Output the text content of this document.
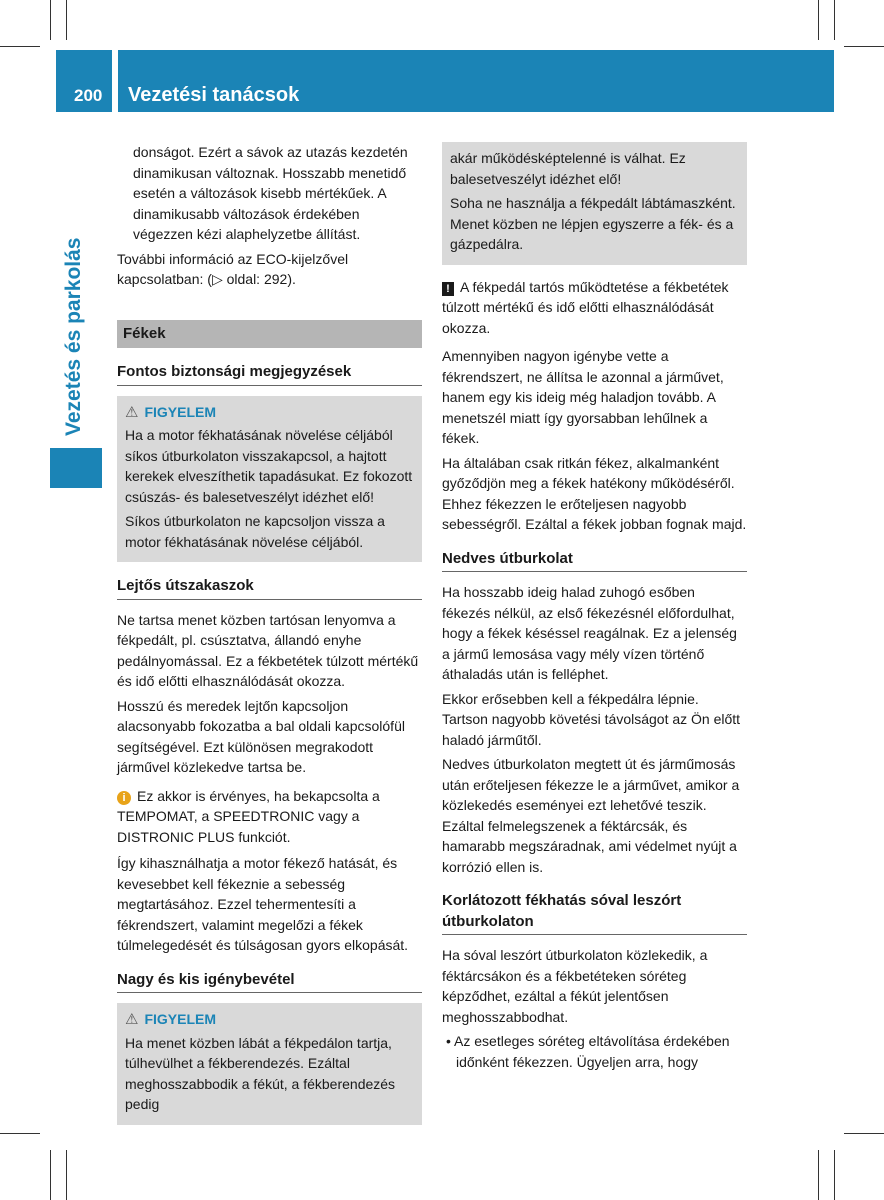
200 Vezetési tanácsok
Vezetés és parkolás

donságot. Ezért a sávok az utazás kezdetén dinamikusan változnak. Hosszabb menetidő esetén a változások kisebb mértékűek. A dinamikusabb változások érdekében végezzen kézi alaphelyzetbe állítást.

További információ az ECO-kijelzővel kapcsolatban: (▷ oldal: 292).

Fékek
Fontos biztonsági megjegyzések
⚠ FIGYELEM

Ha a motor fékhatásának növelése céljából síkos útburkolaton visszakapcsol, a hajtott kerekek elveszíthetik tapadásukat. Ez fokozott csúszás- és balesetveszélyt idézhet elő!

Síkos útburkolaton ne kapcsoljon vissza a motor fékhatásának növelése céljából.

Lejtős útszakaszok

Ne tartsa menet közben tartósan lenyomva a fékpedált, pl. csúsztatva, állandó enyhe pedálnyomással. Ez a fékbetétek túlzott mértékű és idő előtti elhasználódását okozza.

Hosszú és meredek lejtőn kapcsoljon alacsonyabb fokozatba a bal oldali kapcsolófül segítségével. Ezt különösen megrakodott járművel közlekedve tartsa be.

i Ez akkor is érvényes, ha bekapcsolta a TEMPOMAT, a SPEEDTRONIC vagy a DISTRONIC PLUS funkciót.

Így kihasználhatja a motor fékező hatását, és kevesebbet kell fékeznie a sebesség megtartásához. Ezzel tehermentesíti a fékrendszert, valamint megelőzi a fékek túlmelegedését és túlságosan gyors elkopását.

Nagy és kis igénybevétel
⚠ FIGYELEM

Ha menet közben lábát a fékpedálon tartja, túlhevülhet a fékberendezés. Ezáltal meghosszabbodik a fékút, a fékberendezés pedig

akár működésképtelenné is válhat. Ez balesetveszélyt idézhet elő!

Soha ne használja a fékpedált lábtámaszként. Menet közben ne lépjen egyszerre a fék- és a gázpedálra.

! A fékpedál tartós működtetése a fékbetétek túlzott mértékű és idő előtti elhasználódását okozza.

Amennyiben nagyon igénybe vette a fékrendszert, ne állítsa le azonnal a járművet, hanem egy kis ideig még haladjon tovább. A menetszél miatt így gyorsabban lehűlnek a fékek.

Ha általában csak ritkán fékez, alkalmanként győződjön meg a fékek hatékony működéséről. Ehhez fékezzen le erőteljesen nagyobb sebességről. Ezáltal a fékek jobban fognak majd.

Nedves útburkolat

Ha hosszabb ideig halad zuhogó esőben fékezés nélkül, az első fékezésnél előfordulhat, hogy a fékek késéssel reagálnak. Ez a jelenség a jármű lemosása vagy mély vízen történő áthaladás után is felléphet.

Ekkor erősebben kell a fékpedálra lépnie. Tartson nagyobb követési távolságot az Ön előtt haladó járműtől.

Nedves útburkolaton megtett út és járműmosás után erőteljesen fékezze le a járművet, amikor a közlekedés eseményei ezt lehetővé teszik. Ezáltal felmelegszenek a féktárcsák, és hamarabb megszáradnak, ami védelmet nyújt a korrózió ellen is.

Korlátozott fékhatás sóval leszórt útburkolaton

Ha sóval leszórt útburkolaton közlekedik, a féktárcsákon és a fékbetéteken sóréteg képződhet, ezáltal a fékút jelentősen meghosszabbodhat.

• Az esetleges sóréteg eltávolítása érdekében időnként fékezzen. Ügyeljen arra, hogy
